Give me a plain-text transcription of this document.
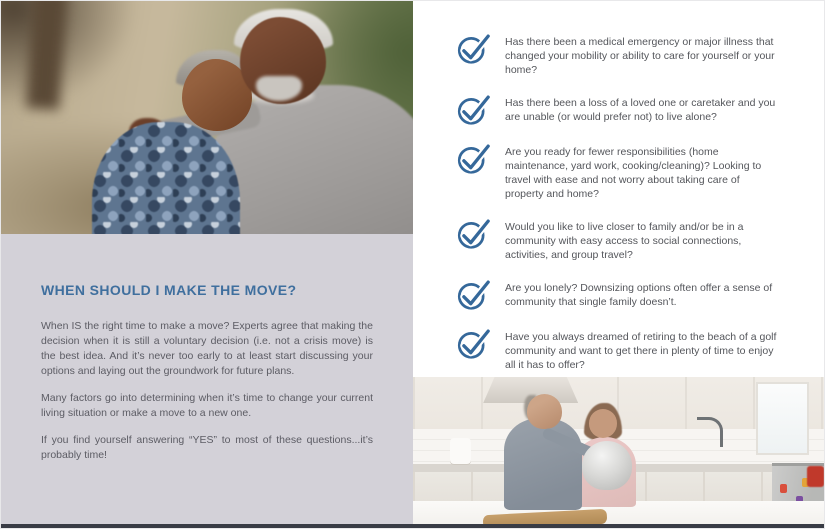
WHEN SHOULD I MAKE THE MOVE?

When IS the right time to make a move? Experts agree that making the decision when it is still a voluntary decision (i.e. not a crisis move) is the best idea. And it’s never too early to at least start discussing your options and laying out the groundwork for future plans.

Many factors go into determining when it’s time to change your current living situation or make a move to a new one.

If you find yourself answering “YES” to most of these questions...it’s probably time!

Has there been a medical emergency or major illness that changed your mobility or ability to care for yourself or your home?

Has there been a loss of a loved one or caretaker and you are unable (or would prefer not) to live alone?

Are you ready for fewer responsibilities (home maintenance, yard work, cooking/cleaning)? Looking to travel with ease and not worry about taking care of property and home?

Would you like to live closer to family and/or be in a community with easy access to social connections, activities, and group travel?

Are you lonely? Downsizing options often offer a sense of community that single family doesn’t.

Have you always dreamed of retiring to the beach of a golf community and want to get there in plenty of time to enjoy all it has to offer?
